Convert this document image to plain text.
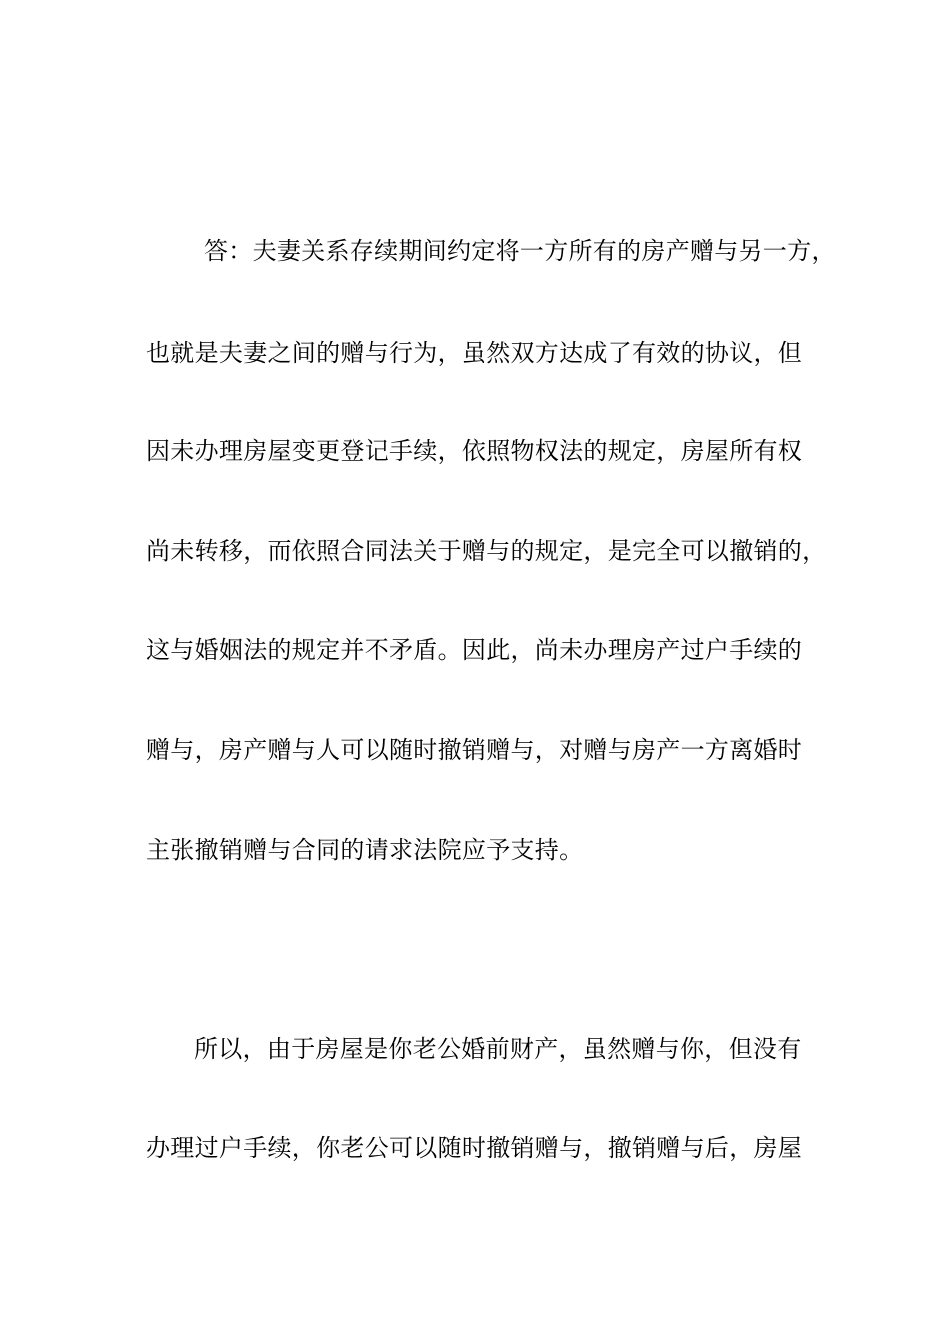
答：夫妻关系存续期间约定将一方所有的房产赠与另一方，
也就是夫妻之间的赠与行为，虽然双方达成了有效的协议，但
因未办理房屋变更登记手续，依照物权法的规定，房屋所有权
尚未转移，而依照合同法关于赠与的规定，是完全可以撤销的，
这与婚姻法的规定并不矛盾。因此，尚未办理房产过户手续的
赠与，房产赠与人可以随时撤销赠与，对赠与房产一方离婚时
主张撤销赠与合同的请求法院应予支持。
所以，由于房屋是你老公婚前财产，虽然赠与你，但没有
办理过户手续，你老公可以随时撤销赠与，撤销赠与后，房屋
